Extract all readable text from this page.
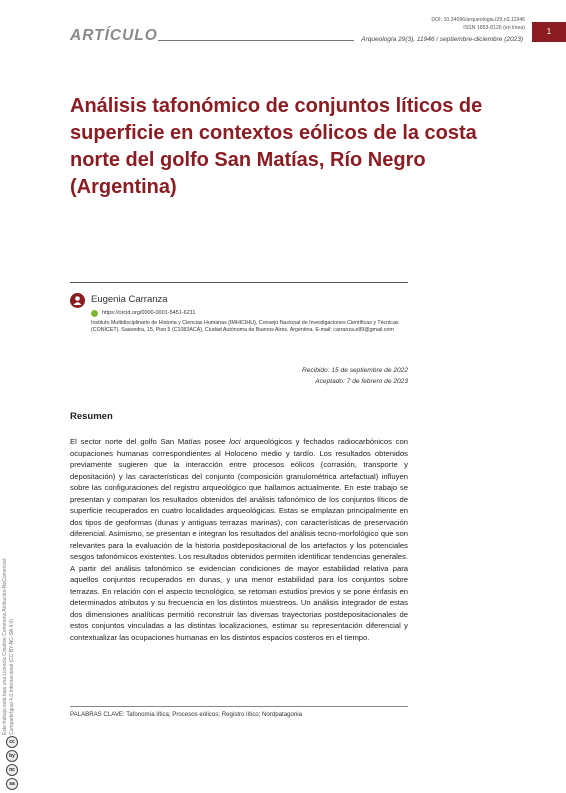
DOI: 10.34096/arqueologia.t29.n3.11946
ISSN 1853-8126 (en línea)
ARTÍCULO	Arqueología 29(3), 11946 / septiembre-diciembre (2023)
1
Análisis tafonómico de conjuntos líticos de superficie en contextos eólicos de la costa norte del golfo San Matías, Río Negro (Argentina)
Eugenia Carranza
https://orcid.org/0000-0001-5451-6211
Instituto Multidisciplinario de Historia y Ciencias Humanas (IMHICIHU), Consejo Nacional de Investigaciones Científicas y Técnicas (CONICET). Saavedra, 15, Piso 5 (C1083ACA), Ciudad Autónoma de Buenos Aires, Argentina. E-mail: carranza.e89@gmail.com
Recibido: 15 de septiembre de 2022
Aceptado: 7 de febrero de 2023
Resumen

El sector norte del golfo San Matías posee loci arqueológicos y fechados radiocarbónicos con ocupaciones humanas correspondientes al Holoceno medio y tardío. Los resultados obtenidos previamente sugieren que la interacción entre procesos eólicos (corrasión, transporte y depositación) y las características del conjunto (composición granulométrica artefactual) influyen sobre las configuraciones del registro arqueológico que hallamos actualmente. En este trabajo se presentan y comparan los resultados obtenidos del análisis tafonómico de los conjuntos líticos de superficie recuperados en cuatro localidades arqueológicas. Estas se emplazan principalmente en dos tipos de geoformas (dunas y antiguas terrazas marinas), con características de preservación diferencial. Asimismo, se presentan e integran los resultados del análisis tecno-morfológico que son relevantes para la evaluación de la historia postdepositacional de los artefactos y los potenciales sesgos tafonómicos existentes. Los resultados obtenidos permiten identificar tendencias generales. A partir del análisis tafonómico se evidencian condiciones de mayor estabilidad relativa para aquellos conjuntos recuperados en dunas, y una menor estabilidad para los conjuntos sobre terrazas. En relación con el aspecto tecnológico, se retoman estudios previos y se pone énfasis en determinados atributos y su frecuencia en los distintos muestreos. Un análisis integrador de estas dos dimensiones analíticas permitió reconstruir las diversas trayectorias postdepositacionales de estos conjuntos vinculadas a las distintas localizaciones, estimar su representación diferencial y contextualizar las ocupaciones humanas en los distintos espacios costeros en el tiempo.

PALABRAS CLAVE: Tafonomía lítica; Procesos eólicos; Registro lítico; Nordpatagonia
Este trabajo está bajo una Licencia Creative Commons Atribución-NoComercial-CompartirIgual 4.0 Internacional (CC BY-NC-SA 4.0)
cc
by
nc
sa
